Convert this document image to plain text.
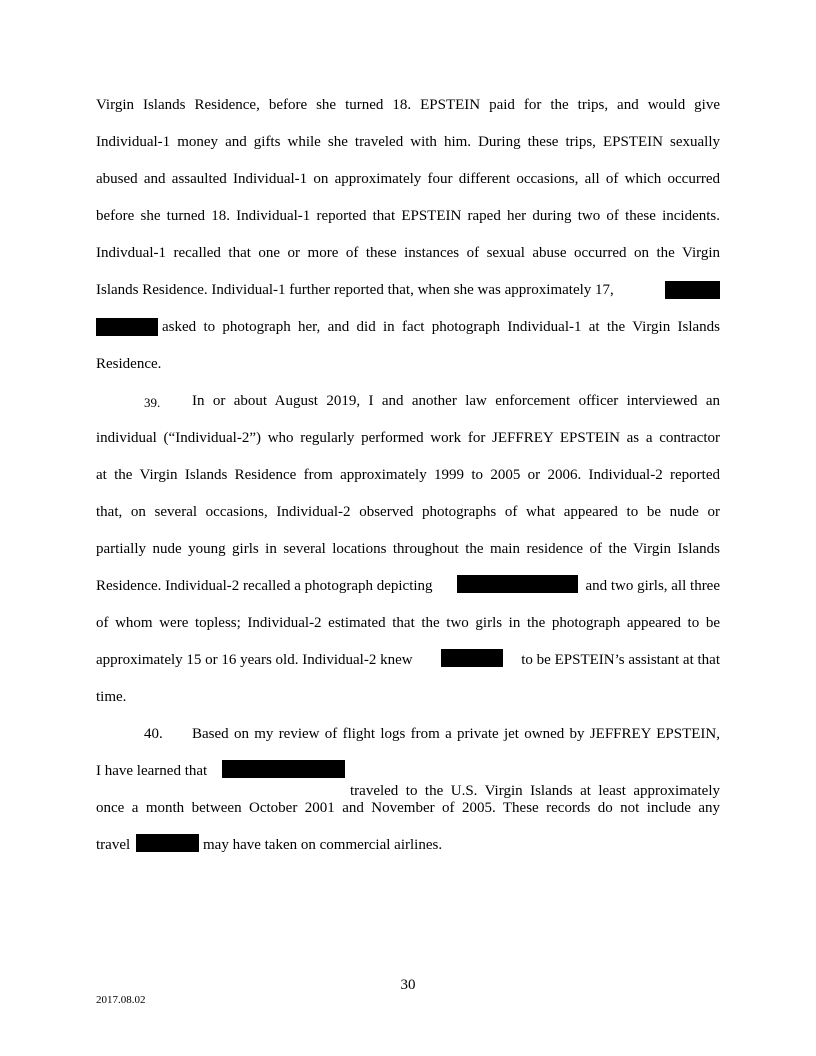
Virgin Islands Residence, before she turned 18. EPSTEIN paid for the trips, and would give
Individual-1 money and gifts while she traveled with him. During these trips, EPSTEIN sexually
abused and assaulted Individual-1 on approximately four different occasions, all of which occurred
before she turned 18. Individual-1 reported that EPSTEIN raped her during two of these incidents.
Indivdual-1 recalled that one or more of these instances of sexual abuse occurred on the Virgin
Islands Residence. Individual-1 further reported that, when she was approximately 17,
asked to photograph her, and did in fact photograph Individual-1 at the Virgin Islands
Residence.
39. In or about August 2019, I and another law enforcement officer interviewed an
individual (“Individual-2”) who regularly performed work for JEFFREY EPSTEIN as a contractor
at the Virgin Islands Residence from approximately 1999 to 2005 or 2006. Individual-2 reported
that, on several occasions, Individual-2 observed photographs of what appeared to be nude or
partially nude young girls in several locations throughout the main residence of the Virgin Islands
Residence. Individual-2 recalled a photograph depicting	and two girls, all three
of whom were topless; Individual-2 estimated that the two girls in the photograph appeared to be
approximately 15 or 16 years old. Individual-2 knew	to be EPSTEIN’s assistant at that
time.
40. Based on my review of flight logs from a private jet owned by JEFFREY EPSTEIN,
I have learned that
traveled to the U.S. Virgin Islands at least approximately
once a month between October 2001 and November of 2005. These records do not include any
travel	may have taken on commercial airlines.
30
2017.08.02
